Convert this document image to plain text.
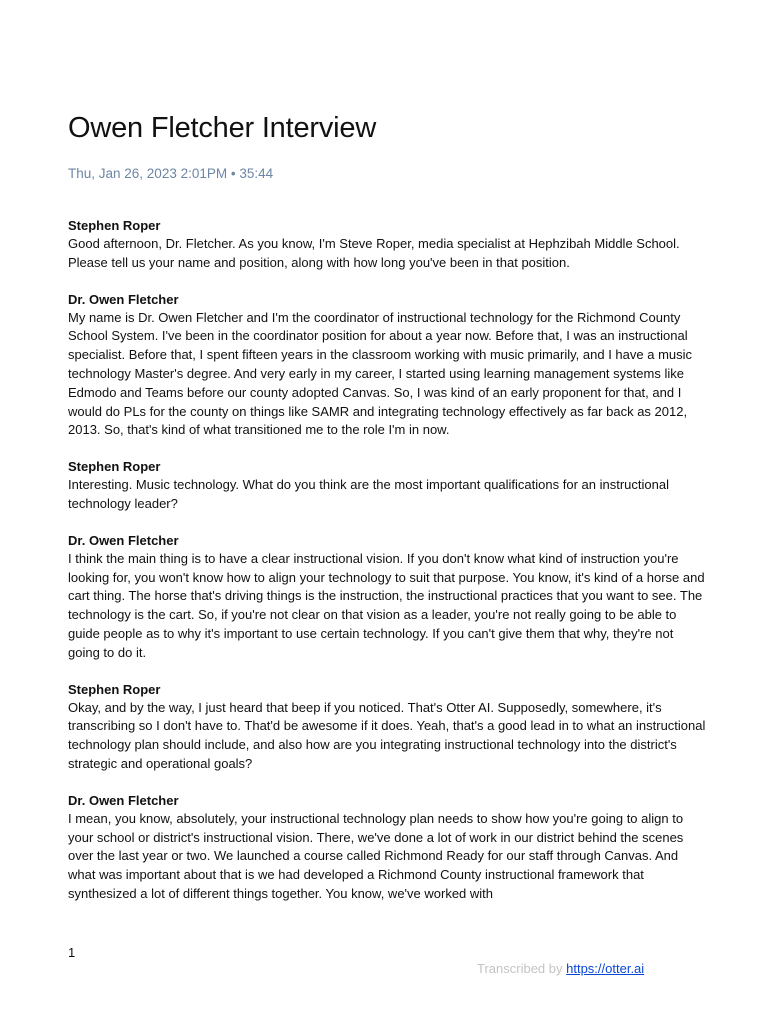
Owen Fletcher Interview
Thu, Jan 26, 2023 2:01PM • 35:44
Stephen Roper
Good afternoon, Dr. Fletcher. As you know, I'm Steve Roper, media specialist at Hephzibah Middle School. Please tell us your name and position, along with how long you've been in that position.
Dr. Owen Fletcher
My name is Dr. Owen Fletcher and I'm the coordinator of instructional technology for the Richmond County School System. I've been in the coordinator position for about a year now. Before that, I was an instructional specialist. Before that, I spent fifteen years in the classroom working with music primarily, and I have a music technology Master's degree. And very early in my career, I started using learning management systems like Edmodo and Teams before our county adopted Canvas. So, I was kind of an early proponent for that, and I would do PLs for the county on things like SAMR and integrating technology effectively as far back as 2012, 2013. So, that's kind of what transitioned me to the role I'm in now.
Stephen Roper
Interesting. Music technology. What do you think are the most important qualifications for an instructional technology leader?
Dr. Owen Fletcher
I think the main thing is to have a clear instructional vision. If you don't know what kind of instruction you're looking for, you won't know how to align your technology to suit that purpose. You know, it's kind of a horse and cart thing. The horse that's driving things is the instruction, the instructional practices that you want to see. The technology is the cart. So, if you're not clear on that vision as a leader, you're not really going to be able to guide people as to why it's important to use certain technology. If you can't give them that why, they're not going to do it.
Stephen Roper
Okay, and by the way, I just heard that beep if you noticed. That's Otter AI. Supposedly, somewhere, it's transcribing so I don't have to. That'd be awesome if it does. Yeah, that's a good lead in to what an instructional technology plan should include, and also how are you integrating instructional technology into the district's strategic and operational goals?
Dr. Owen Fletcher
I mean, you know, absolutely, your instructional technology plan needs to show how you're going to align to your school or district's instructional vision. There, we've done a lot of work in our district behind the scenes over the last year or two. We launched a course called Richmond Ready for our staff through Canvas. And what was important about that is we had developed a Richmond County instructional framework that synthesized a lot of different things together. You know, we've worked with
1
Transcribed by https://otter.ai
